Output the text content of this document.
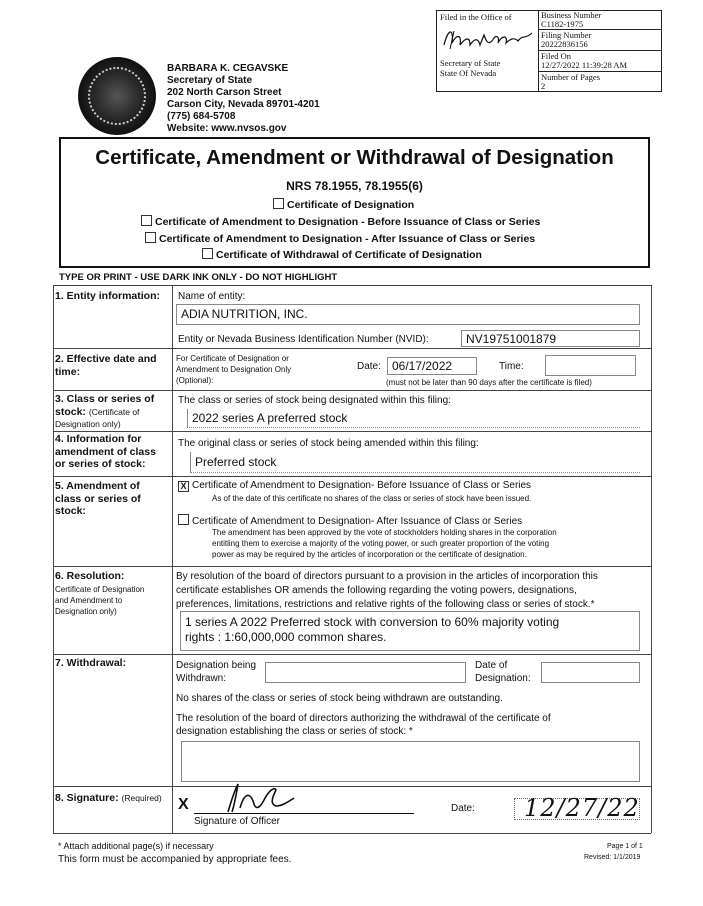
Filed in the Office of
Secretary of State
State Of Nevada
Business Number
C1182-1975
Filing Number
20222836156
Filed On
12/27/2022 11:39:28 AM
Number of Pages
2
BARBARA K. CEGAVSKE
Secretary of State
202 North Carson Street
Carson City, Nevada 89701-4201
(775) 684-5708
Website: www.nvsos.gov
Certificate, Amendment or Withdrawal of Designation
NRS 78.1955, 78.1955(6)
Certificate of Designation
Certificate of Amendment to Designation - Before Issuance of Class or Series
Certificate of Amendment to Designation - After Issuance of Class or Series
Certificate of Withdrawal of Certificate of Designation
TYPE OR PRINT - USE DARK INK ONLY - DO NOT HIGHLIGHT
1. Entity information: Name of entity:
ADIA NUTRITION, INC.
Entity or Nevada Business Identification Number (NVID):	NV19751001879
2. Effective date and time:
For Certificate of Designation or
Amendment to Designation Only
(Optional):
Date: 06/17/2022	Time:
(must not be later than 90 days after the certificate is filed)
3. Class or series of stock: (Certificate of Designation only)
The class or series of stock being designated within this filing:
2022 series A preferred stock
4. Information for amendment of class or series of stock:
The original class or series of stock being amended within this filing:
Preferred stock
5. Amendment of class or series of stock:
X Certificate of Amendment to Designation- Before Issuance of Class or Series
As of the date of this certificate no shares of the class or series of stock have been issued.
Certificate of Amendment to Designation- After Issuance of Class or Series
The amendment has been approved by the vote of stockholders holding shares in the corporation
entitling them to exercise a majority of the voting power, or such greater proportion of the voting
power as may be required by the articles of incorporation or the certificate of designation.
6. Resolution:
Certificate of Designation
and Amendment to
Designation only)
By resolution of the board of directors pursuant to a provision in the articles of incorporation this
certificate establishes OR amends the following regarding the voting powers, designations,
preferences, limitations, restrictions and relative rights of the following class or series of stock.*
1 series A 2022 Preferred stock with conversion to 60% majority voting
rights : 1:60,000,000 common shares.
7. Withdrawal:	Designation being
Withdrawn:
Date of
Designation:
No shares of the class or series of stock being withdrawn are outstanding.
The resolution of the board of directors authorizing the withdrawal of the certificate of
designation establishing the class or series of stock: *
8. Signature: (Required) X
Signature of Officer
Date: 12/27/22
* Attach additional page(s) if necessary
This form must be accompanied by appropriate fees.
Page 1 of 1
Revised: 1/1/2019
